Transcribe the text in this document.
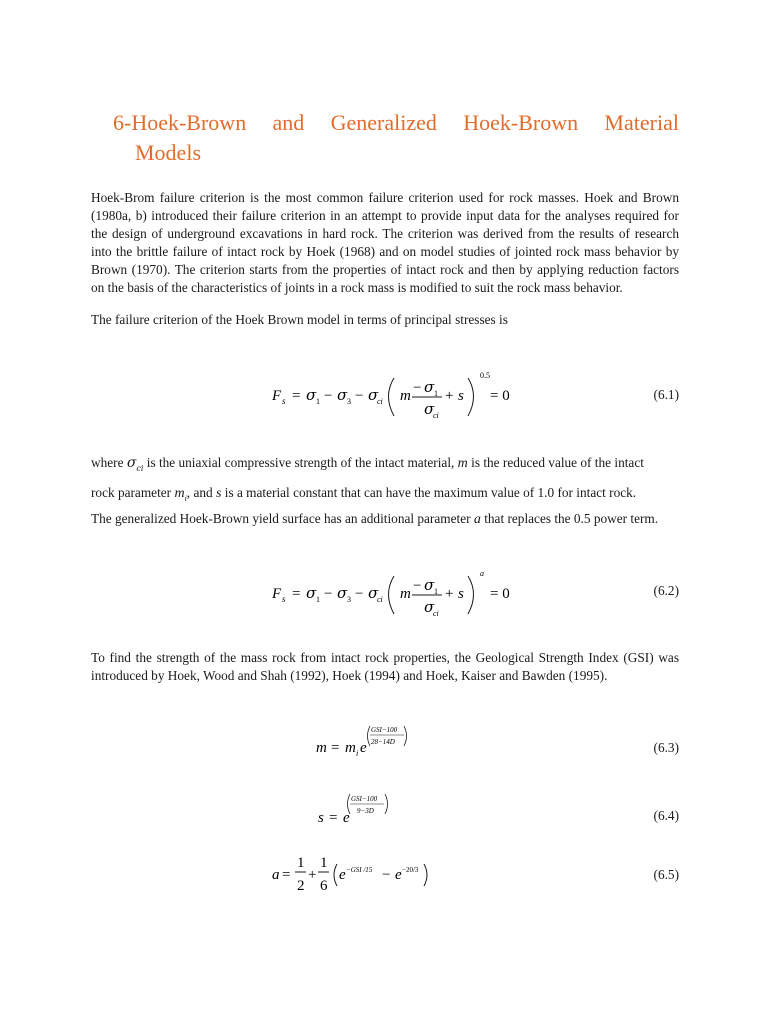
6-Hoek-Brown and Generalized Hoek-Brown Material
Models
Hoek-Brom failure criterion is the most common failure criterion used for rock masses. Hoek and Brown
(1980a, b) introduced their failure criterion in an attempt to provide input data for the analyses required for
the design of underground excavations in hard rock. The criterion was derived from the results of research
into the brittle failure of intact rock by Hoek (1968) and on model studies of jointed rock mass behavior by
Brown (1970). The criterion starts from the properties of intact rock and then by applying reduction factors
on the basis of the characteristics of joints in a rock mass is modified to suit the rock mass behavior.
The failure criterion of the Hoek Brown model in terms of principal stresses is
F s = σ 1 − σ 3 − σ
ci m − σ 1
σ
ci
+ s
0.5
= 0	(6.1)
where $\sigma_{ci}$ is the uniaxial compressive strength of the intact material, m is the reduced value of the intact
rock parameter $m_i$, and s is a material constant that can have the maximum value of 1.0 for intact rock.
The generalized Hoek-Brown yield surface has an additional parameter a that replaces the 0.5 power term.
F s = σ 1 − σ 3 − σ
ci m − σ 1
σ
ci
+ s
a
= 0	(6.2)
To find the strength of the mass rock from intact rock properties, the Geological Strength Index (GSI) was
introduced by Hoek, Wood and Shah (1992), Hoek (1994) and Hoek, Kaiser and Bawden (1995).
m = m i e
GSI−100
28−14D	(6.3)
s = e
GSI−100
9−3D	(6.4)
a =
1
2
+
1
6
e −GSI /15 − e −20/3	(6.5)
